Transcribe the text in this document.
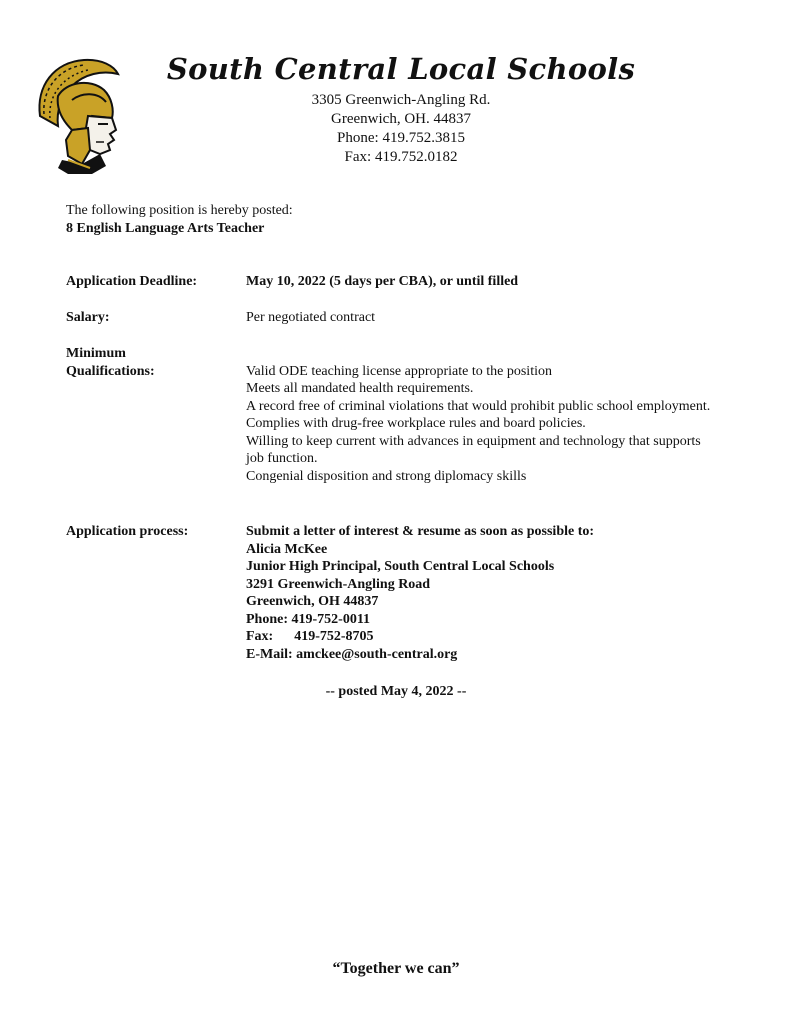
South Central Local Schools
3305 Greenwich-Angling Rd.
Greenwich, OH. 44837
Phone: 419.752.3815
Fax: 419.752.0182
The following position is hereby posted:
8 English Language Arts Teacher
Application Deadline:	May 10, 2022 (5 days per CBA), or until filled
Salary:	Per negotiated contract
Minimum
Qualifications:	Valid ODE teaching license appropriate to the position
Meets all mandated health requirements.
A record free of criminal violations that would prohibit public school employment.
Complies with drug-free workplace rules and board policies.
Willing to keep current with advances in equipment and technology that supports job function.
Congenial disposition and strong diplomacy skills
Application process:	Submit a letter of interest & resume as soon as possible to:
Alicia McKee
Junior High Principal, South Central Local Schools
3291 Greenwich-Angling Road
Greenwich, OH 44837
Phone: 419-752-0011
Fax:      419-752-8705
E-Mail: amckee@south-central.org
-- posted May 4, 2022 --
“Together we can”
